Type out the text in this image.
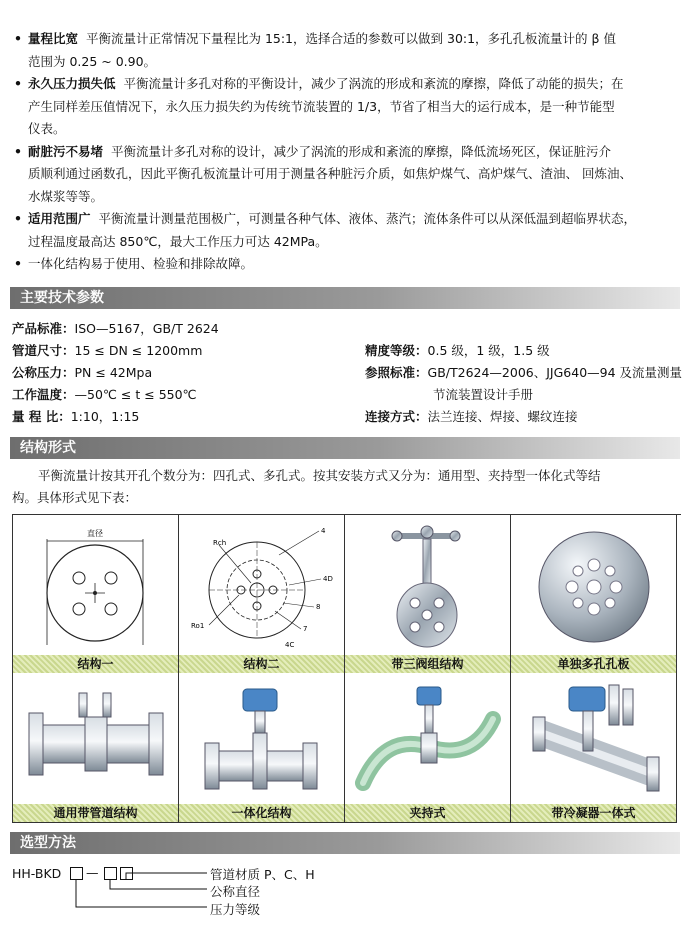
• 量程比宽 平衡流量计正常情况下量程比为 15:1，选择合适的参数可以做到 30:1，多孔孔板流量计的 β 值
范围为 0.25 ~ 0.90。
• 永久压力损失低 平衡流量计多孔对称的平衡设计，减少了涡流的形成和紊流的摩擦，降低了动能的损失；在
产生同样差压值情况下，永久压力损失约为传统节流装置的 1/3，节省了相当大的运行成本，是一种节能型
仪表。
• 耐脏污不易堵 平衡流量计多孔对称的设计，减少了涡流的形成和紊流的摩擦，降低流场死区，保证脏污介
质顺利通过函数孔，因此平衡孔板流量计可用于测量各种脏污介质，如焦炉煤气、高炉煤气、渣油、 回炼油、
水煤浆等等。
• 适用范围广 平衡流量计测量范围极广，可测量各种气体、液体、蒸汽；流体条件可以从深低温到超临界状态，
过程温度最高达 850℃，最大工作压力可达 42MPa。
• 一体化结构易于使用、检验和排除故障。
主要技术参数
产品标准：ISO—5167，GB/T 2624
管道尺寸：15 ≤ DN ≤ 1200mm
公称压力：PN ≤ 42Mpa
工作温度：—50℃ ≤ t ≤ 550℃
量 程 比：1:10，1:15
精度等级：0.5 级，1 级，1.5 级
参照标准：GB/T2624—2006、JJG640—94 及流量测量
节流装置设计手册
连接方式：法兰连接、焊接、螺纹连接
结构形式
平衡流量计按其开孔个数分为：四孔式、多孔式。按其安装方式又分为：通用型、夹持型一体化式等结
构。具体形式见下表：
直径
结构一
Rch
Ro1
4
4D
8
7
4C
结构二	带三阀组结构	单独多孔孔板
通用带管道结构	一体化结构	夹持式	带冷凝器一体式
选型方法
HH-BKD —	管道材质 P、C、H
公称直径
压力等级
